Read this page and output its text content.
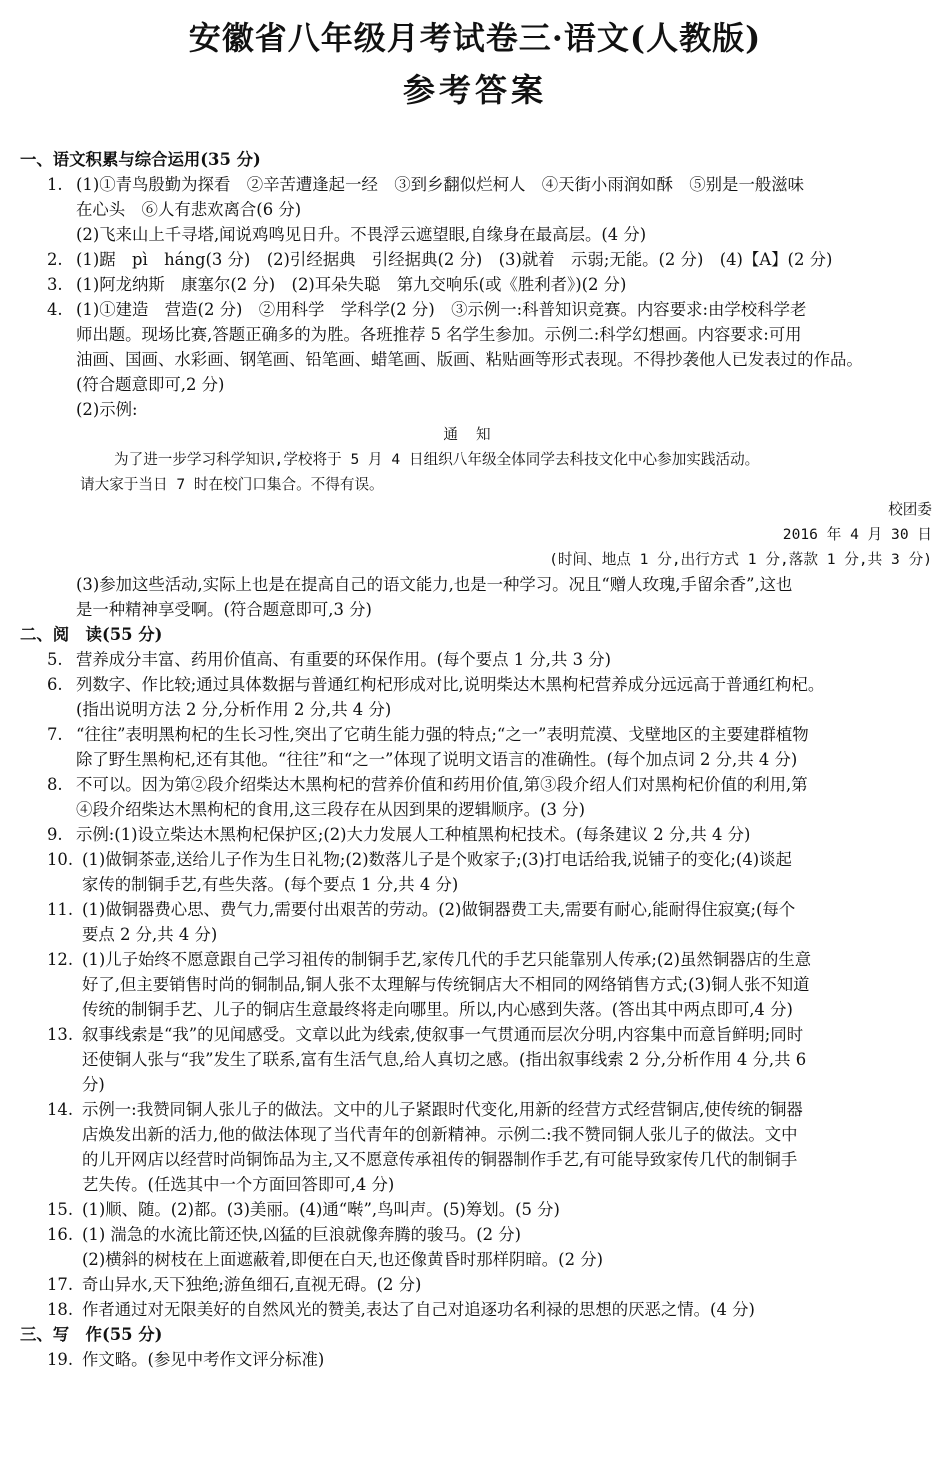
安徽省八年级月考试卷三·语文(人教版)
参考答案
一、语文积累与综合运用(35 分)
1. (1)①青鸟殷勤为探看　②辛苦遭逢起一经　③到乡翻似烂柯人　④天街小雨润如酥　⑤别是一般滋味
在心头　⑥人有悲欢离合(6 分)
(2)飞来山上千寻塔,闻说鸡鸣见日升。不畏浮云遮望眼,自缘身在最高层。(4 分)
2. (1)踞　pì　háng(3 分)　(2)引经据典　引经据典(2 分)　(3)就着　示弱;无能。(2 分)　(4)【A】(2 分)
3. (1)阿龙纳斯　康塞尔(2 分)　(2)耳朵失聪　第九交响乐(或《胜利者》)(2 分)
4. (1)①建造　营造(2 分)　②用科学　学科学(2 分)　③示例一:科普知识竞赛。内容要求:由学校科学老
师出题。现场比赛,答题正确多的为胜。各班推荐 5 名学生参加。示例二:科学幻想画。内容要求:可用
油画、国画、水彩画、钢笔画、铅笔画、蜡笔画、版画、粘贴画等形式表现。不得抄袭他人已发表过的作品。
(符合题意即可,2 分)
(2)示例:
通知
为了进一步学习科学知识,学校将于 5 月 4 日组织八年级全体同学去科技文化中心参加实践活动。
请大家于当日 7 时在校门口集合。不得有误。
校团委
2016 年 4 月 30 日
(时间、地点 1 分,出行方式 1 分,落款 1 分,共 3 分)
(3)参加这些活动,实际上也是在提高自己的语文能力,也是一种学习。况且“赠人玫瑰,手留余香”,这也
是一种精神享受啊。(符合题意即可,3 分)
二、阅　读(55 分)
5. 营养成分丰富、药用价值高、有重要的环保作用。(每个要点 1 分,共 3 分)
6. 列数字、作比较;通过具体数据与普通红枸杞形成对比,说明柴达木黑枸杞营养成分远远高于普通红枸杞。
(指出说明方法 2 分,分析作用 2 分,共 4 分)
7. “往往”表明黑枸杞的生长习性,突出了它萌生能力强的特点;“之一”表明荒漠、戈壁地区的主要建群植物
除了野生黑枸杞,还有其他。“往往”和“之一”体现了说明文语言的准确性。(每个加点词 2 分,共 4 分)
8. 不可以。因为第②段介绍柴达木黑枸杞的营养价值和药用价值,第③段介绍人们对黑枸杞价值的利用,第
④段介绍柴达木黑枸杞的食用,这三段存在从因到果的逻辑顺序。(3 分)
9. 示例:(1)设立柴达木黑枸杞保护区;(2)大力发展人工种植黑枸杞技术。(每条建议 2 分,共 4 分)
10. (1)做铜茶壶,送给儿子作为生日礼物;(2)数落儿子是个败家子;(3)打电话给我,说铺子的变化;(4)谈起
家传的制铜手艺,有些失落。(每个要点 1 分,共 4 分)
11. (1)做铜器费心思、费气力,需要付出艰苦的劳动。(2)做铜器费工夫,需要有耐心,能耐得住寂寞;(每个
要点 2 分,共 4 分)
12. (1)儿子始终不愿意跟自己学习祖传的制铜手艺,家传几代的手艺只能靠别人传承;(2)虽然铜器店的生意
好了,但主要销售时尚的铜制品,铜人张不太理解与传统铜店大不相同的网络销售方式;(3)铜人张不知道
传统的制铜手艺、儿子的铜店生意最终将走向哪里。所以,内心感到失落。(答出其中两点即可,4 分)
13. 叙事线索是“我”的见闻感受。文章以此为线索,使叙事一气贯通而层次分明,内容集中而意旨鲜明;同时
还使铜人张与“我”发生了联系,富有生活气息,给人真切之感。(指出叙事线索 2 分,分析作用 4 分,共 6
分)
14. 示例一:我赞同铜人张儿子的做法。文中的儿子紧跟时代变化,用新的经营方式经营铜店,使传统的铜器
店焕发出新的活力,他的做法体现了当代青年的创新精神。示例二:我不赞同铜人张儿子的做法。文中
的儿开网店以经营时尚铜饰品为主,又不愿意传承祖传的铜器制作手艺,有可能导致家传几代的制铜手
艺失传。(任选其中一个方面回答即可,4 分)
15. (1)顺、随。(2)都。(3)美丽。(4)通“啭”,鸟叫声。(5)筹划。(5 分)
16. (1) 湍急的水流比箭还快,凶猛的巨浪就像奔腾的骏马。(2 分)
(2)横斜的树枝在上面遮蔽着,即便在白天,也还像黄昏时那样阴暗。(2 分)
17. 奇山异水,天下独绝;游鱼细石,直视无碍。(2 分)
18. 作者通过对无限美好的自然风光的赞美,表达了自己对追逐功名利禄的思想的厌恶之情。(4 分)
三、写　作(55 分)
19. 作文略。(参见中考作文评分标准)
